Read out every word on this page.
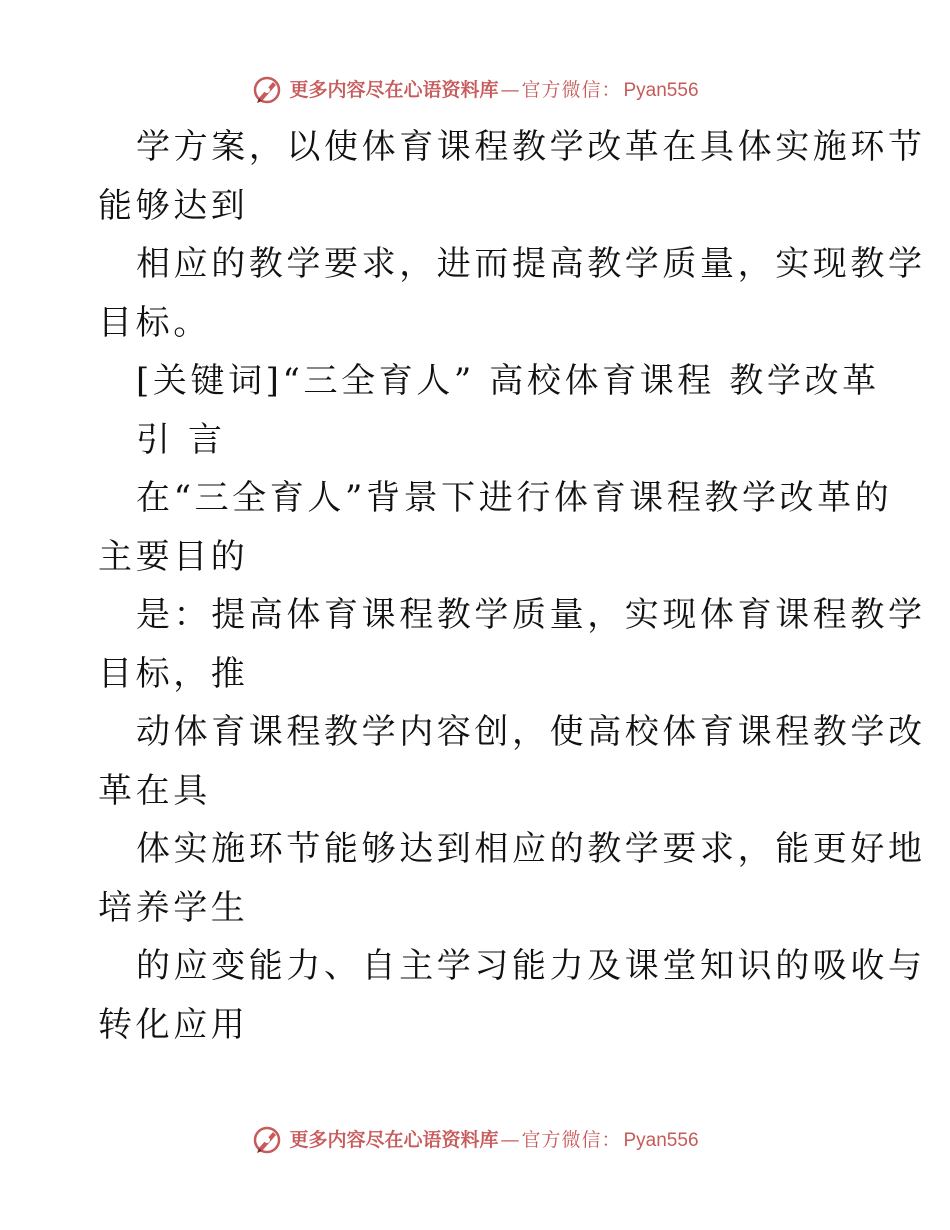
更多内容尽在心语资料库 — 官方微信： Pyan556
学方案，以使体育课程教学改革在具体实施环节
能够达到
相应的教学要求，进而提高教学质量，实现教学
目标。
[关键词]“三全育人” 高校体育课程 教学改革
引 言
在“三全育人”背景下进行体育课程教学改革的
主要目的
是：提高体育课程教学质量，实现体育课程教学
目标，推
动体育课程教学内容创，使高校体育课程教学改
革在具
体实施环节能够达到相应的教学要求，能更好地
培养学生
的应变能力、自主学习能力及课堂知识的吸收与
转化应用
更多内容尽在心语资料库 — 官方微信： Pyan556
